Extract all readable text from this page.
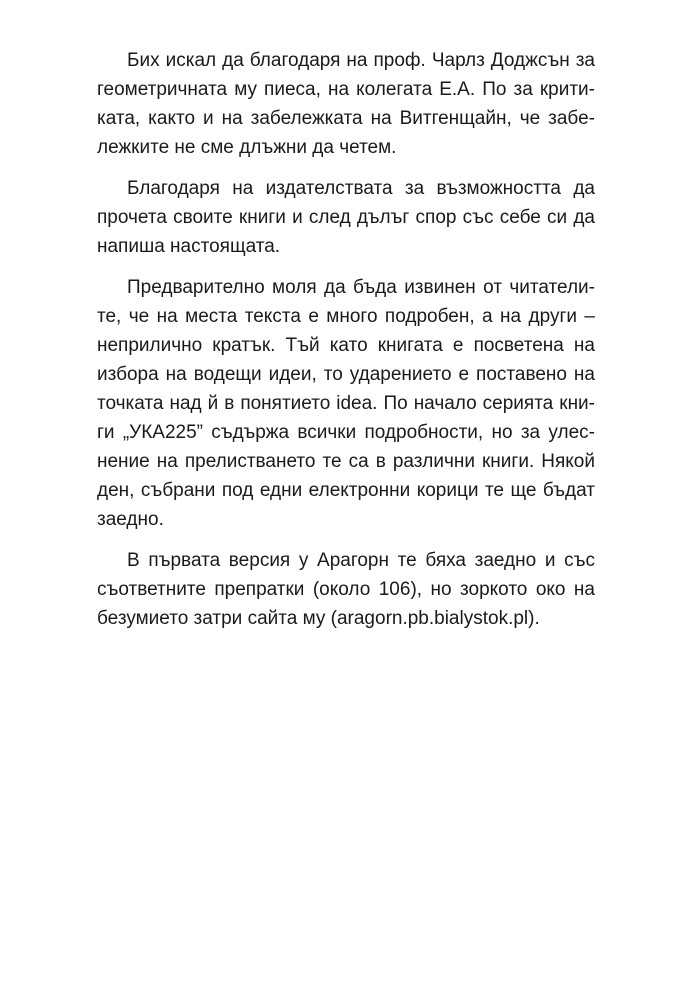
Бих искал да благодаря на проф. Чарлз Доджсън за
геометричната му пиеса, на колегата Е.А. По за крити-
ката, както и на забележката на Витгенщайн, че забе-
лежките не сме длъжни да четем.
Благодаря на издателствата за възможността да
прочета своите книги и след дълъг спор със себе си да
напиша настоящата.
Предварително моля да бъда извинен от читатели-
те, че на места текста е много подробен, а на други –
неприлично кратък. Тъй като книгата е посветена на
избора на водещи идеи, то ударението е поставено на
точката над й в понятието idea. По начало серията кни-
ги „УКА225” съдържа всички подробности, но за улес-
нение на прелистването те са в различни книги. Някой
ден, събрани под едни електронни корици те ще бъдат
заедно.
В първата версия у Арагорн те бяха заедно и със
съответните препратки (около 106), но зоркото око на
безумието затри сайта му (aragorn.pb.bialystok.pl).
